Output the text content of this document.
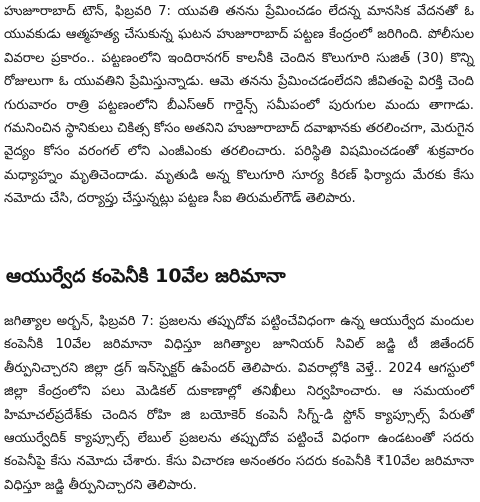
హుజూరాబాద్ టౌన్, ఫిబ్రవరి 7: యువతి తనను ప్రేమించడం లేదన్న మానసిక వేదనతో ఓ యువకుడు ఆత్మహత్య చేసుకున్న ఘటన హుజూరాబాద్ పట్టణ కేంద్రంలో జరిగింది. పోలీసుల వివరాల ప్రకారం.. పట్టణంలోని ఇందిరానగర్ కాలనీకి చెందిన కొలుగూరి సుజిత్ (30) కొన్ని రోజులుగా ఓ యువతిని ప్రేమిస్తున్నాడు. ఆమె తనను ప్రేమించడంలేదని జీవితంపై విరక్తి చెంది గురువారం రాత్రి పట్టణంలోని బీఎస్ఆర్ గార్డెన్స్ సమీపంలో పురుగుల మందు తాగాడు. గమనించిన స్థానికులు చికిత్స కోసం అతనిని హుజూరాబాద్ దవాఖానకు తరలించగా, మెరుగైన వైద్యం కోసం వరంగల్ లోని ఎంజీఎంకు తరలించారు. పరిస్థితి విషమించడంతో శుక్రవారం మధ్యాహ్నం మృతిచెందాడు. మృతుడి అన్న కొలుగూరి సూర్య కిరణ్ ఫిర్యాదు మేరకు కేసు నమోదు చేసి, దర్యాప్తు చేస్తున్నట్లు పట్టణ సీఐ తిరుమల్‌గౌడ్ తెలిపారు.

ఆయుర్వేద కంపెనీకి 10వేల జరిమానా

జగిత్యాల అర్బన్, ఫిబ్రవరి 7: ప్రజలను తప్పుదోవ పట్టించేవిధంగా ఉన్న ఆయుర్వేద మందుల కంపెనీకి 10వేల జరిమానా విధిస్తూ జగిత్యాల జూనియర్ సివిల్ జడ్జి టీ జితేందర్ తీర్పునిచ్చారని జిల్లా డ్రగ్ ఇన్‌స్పెక్టర్ ఉపేందర్ తెలిపారు. వివరాల్లోకి వెళ్తే.. 2024 ఆగస్టులో జిల్లా కేంద్రంలోని పలు మెడికల్ దుకాణాల్లో తనిఖీలు నిర్వహించారు. ఆ సమయంలో హిమాచల్‌ప్రదేశ్‌కు చెందిన రోహి జి బయోకెర్ కంపెనీ సిగ్న్-డి స్టోన్ క్యాప్సూల్స్ పేరుతో ఆయుర్వేదిక్ క్యాప్సూల్స్ లేబుల్ ప్రజలను తప్పుదోవ పట్టించే విధంగా ఉండటంతో సదరు కంపెనీపై కేసు నమోదు చేశారు. కేసు విచారణ అనంతరం సదరు కంపెనీకి ₹10వేల జరిమానా విధిస్తూ జడ్జి తీర్పునిచ్చారని తెలిపారు.
